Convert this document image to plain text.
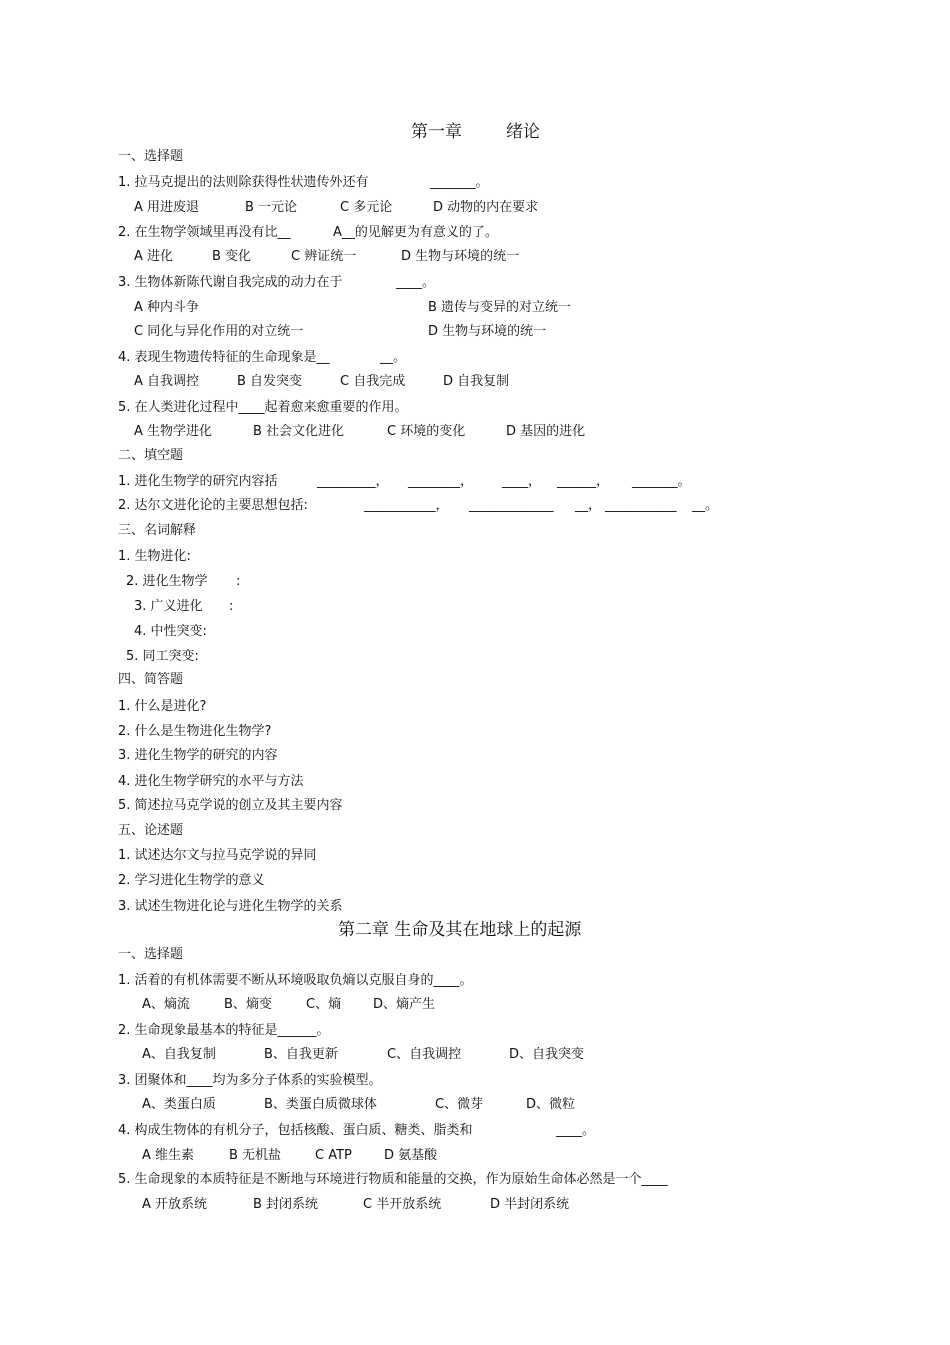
第一章	绪论
一、选择题
1. 拉马克提出的法则除获得性状遗传外还有	_______。
A 用进废退	B 一元论	C 多元论	D 动物的内在要求
2. 在生物学领域里再没有比__	A__的见解更为有意义的了。
A 进化	B 变化	C 辨证统一	D 生物与环境的统一
3. 生物体新陈代谢自我完成的动力在于	____。
A 种内斗争	B 遗传与变异的对立统一
C 同化与异化作用的对立统一	D 生物与环境的统一
4. 表现生物遗传特征的生命现象是__	__。
A 自我调控	B 自发突变	C 自我完成	D 自我复制
5. 在人类进化过程中____起着愈来愈重要的作用。
A 生物学进化	B 社会文化进化	C 环境的变化	D 基因的进化
二、填空题
1. 进化生物学的研究内容括	_________， ________， ____， ______， _______。
2. 达尔文进化论的主要思想包括:	___________， _____________ __， ___________ __。
三、名词解释
1. 生物进化:
2. 进化生物学 :
3. 广义进化 :
4. 中性突变:
5. 同工突变:
四、简答题
1. 什么是进化?
2. 什么是生物进化生物学?
3. 进化生物学的研究的内容
4. 进化生物学研究的水平与方法
5. 简述拉马克学说的创立及其主要内容
五、论述题
1. 试述达尔文与拉马克学说的异同
2. 学习进化生物学的意义
3. 试述生物进化论与进化生物学的关系
第二章 生命及其在地球上的起源
一、选择题
1. 活着的有机体需要不断从环境吸取负熵以克服自身的____。
A、熵流	B、熵变	C、熵 D、熵产生
2. 生命现象最基本的特征是______。
A、自我复制	B、自我更新	C、自我调控	D、自我突变
3. 团聚体和____均为多分子体系的实验模型。
A、类蛋白质	B、类蛋白质微球体	C、微芽	D、微粒
4. 构成生物体的有机分子，包括核酸、蛋白质、糖类、脂类和	____。
A 维生素	B 无机盐	C ATP D 氨基酸
5. 生命现象的本质特征是不断地与环境进行物质和能量的交换，作为原始生命体必然是一个____
A 开放系统	B 封闭系统	C 半开放系统	D 半封闭系统
